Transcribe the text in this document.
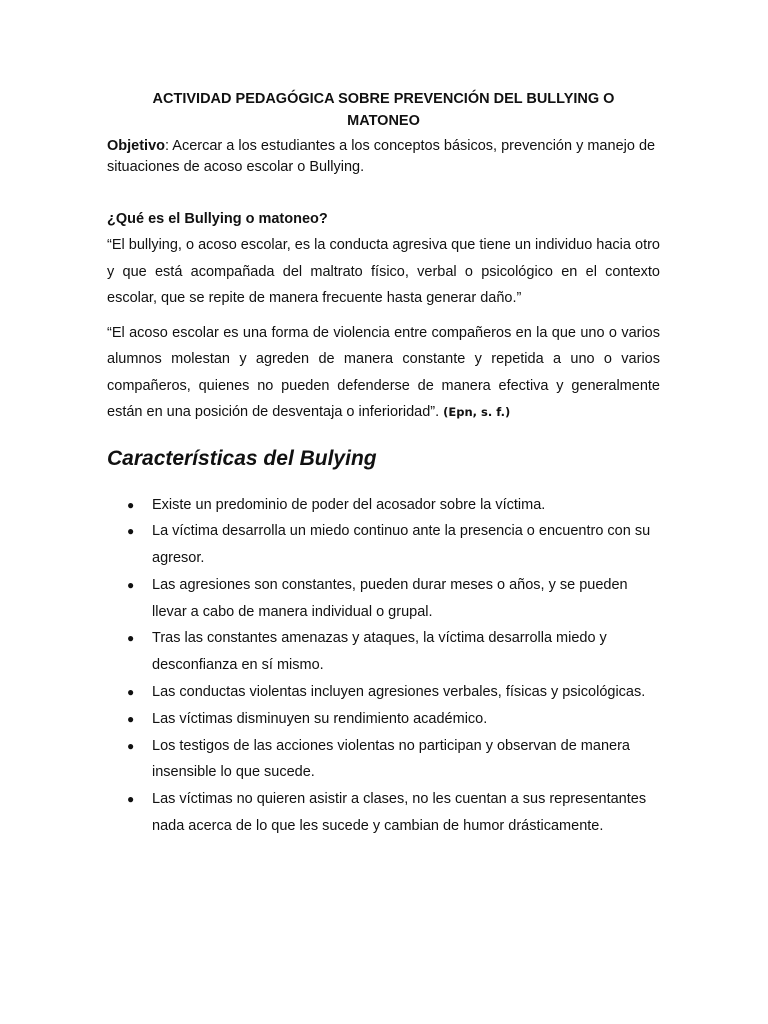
ACTIVIDAD PEDAGÓGICA SOBRE PREVENCIÓN DEL BULLYING O
MATONEO

Objetivo: Acercar a los estudiantes a los conceptos básicos, prevención y manejo de situaciones de acoso escolar o Bullying.

¿Qué es el Bullying o matoneo?

“El bullying, o acoso escolar, es la conducta agresiva que tiene un individuo hacia otro y que está acompañada del maltrato físico, verbal o psicológico en el contexto escolar, que se repite de manera frecuente hasta generar daño.”

“El acoso escolar es una forma de violencia entre compañeros en la que uno o varios alumnos molestan y agreden de manera constante y repetida a uno o varios compañeros, quienes no pueden defenderse de manera efectiva y generalmente están en una posición de desventaja o inferioridad”. (Epn, s. f.)

Características del Bulying
● Existe un predominio de poder del acosador sobre la víctima.
● La víctima desarrolla un miedo continuo ante la presencia o encuentro con su agresor.
● Las agresiones son constantes, pueden durar meses o años, y se pueden llevar a cabo de manera individual o grupal.
● Tras las constantes amenazas y ataques, la víctima desarrolla miedo y desconfianza en sí mismo.
● Las conductas violentas incluyen agresiones verbales, físicas y psicológicas.
● Las víctimas disminuyen su rendimiento académico.
● Los testigos de las acciones violentas no participan y observan de manera insensible lo que sucede.
● Las víctimas no quieren asistir a clases, no les cuentan a sus representantes nada acerca de lo que les sucede y cambian de humor drásticamente.
